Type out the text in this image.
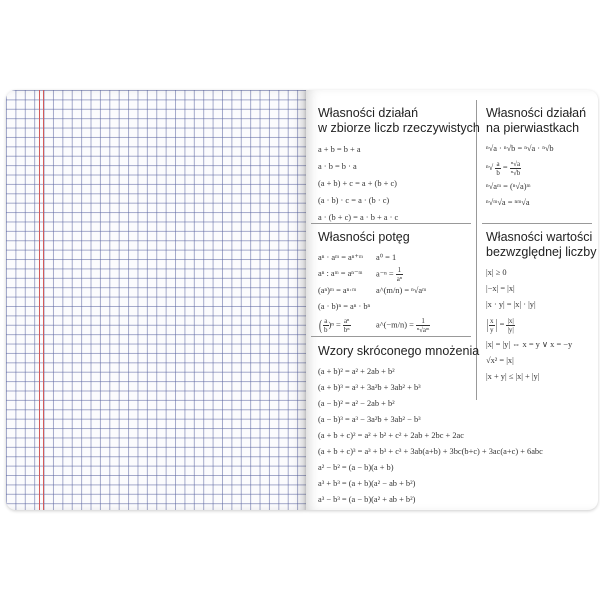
Własności działań
w zbiorze liczb rzeczywistych
a + b = b + a
a · b = b · a
(a + b) + c = a + (b + c)
(a · b) · c = a · (b · c)
a · (b + c) = a · b + a · c
Własności działań
na pierwiastkach
ⁿ√a · ⁿ√b = ⁿ√a · ⁿ√b
$^n√ \frac{a}{b} = \frac{\text{ⁿ√a}}{\text{ⁿ√b}}$
ⁿ√aᵐ = (ⁿ√a)ᵐ
ⁿ√ᵐ√a = ⁿᵐ√a
Własności potęg
aⁿ · aᵐ = aⁿ⁺ᵐ	a⁰ = 1
aⁿ : aᵐ = aⁿ⁻ᵐ	$a^{-n} = \frac{1}{\text{aⁿ}}$
(aⁿ)ᵐ = aⁿ·ᵐ	a^(m/n) = ⁿ√aᵐ
(a · b)ⁿ = aⁿ · bⁿ
( $\frac{a}{b} )^n = \frac{\text{aⁿ}}{\text{bⁿ}}$	a^(−m/n) = $\frac{1}{\text{ⁿ√aᵐ}}$
Własności wartości
bezwzględnej liczby
|x| ≥ 0
|−x| = |x|
|x · y| = |x| · |y|
| $\frac{x}{y}$ | = $\frac{|x|}{|y|}$
|x| = |y| ⇔ x = y ∨ x = −y
√x² = |x|
|x + y| ≤ |x| + |y|
Wzory skróconego mnożenia
(a + b)² = a² + 2ab + b²
(a + b)³ = a³ + 3a²b + 3ab² + b³
(a − b)² = a² − 2ab + b²
(a − b)³ = a³ − 3a²b + 3ab² − b³
(a + b + c)² = a² + b² + c² + 2ab + 2bc + 2ac
(a + b + c)³ = a³ + b³ + c³ + 3ab(a+b) + 3bc(b+c) + 3ac(a+c) + 6abc
a² − b² = (a − b)(a + b)
a³ + b³ = (a + b)(a² − ab + b²)
a³ − b³ = (a − b)(a² + ab + b²)
